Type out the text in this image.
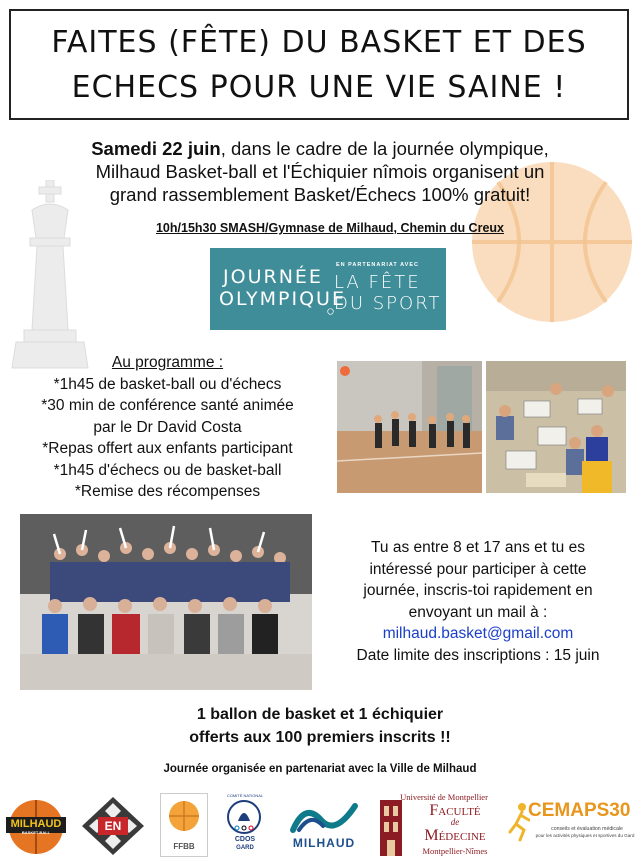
FAITES (FÊTE) DU BASKET ET DES
ECHECS POUR UNE VIE SAINE !
Samedi 22 juin, dans le cadre de la journée olympique,
Milhaud Basket-ball et l'Échiquier nîmois organisent un
grand rassemblement Basket/Échecs 100% gratuit!
10h/15h30 SMASH/Gymnase de Milhaud, Chemin du Creux
JOURNÉE
OLYMPIQUE
EN PARTENARIAT AVEC
LA FÊTE
DU SPORT
Au programme :
*1h45 de basket-ball ou d'échecs
*30 min de conférence santé animée
par le Dr David Costa
*Repas offert aux enfants participant
*1h45 d'échecs ou de basket-ball
*Remise des récompenses
Tu as entre 8 et 17 ans et tu es
intéressé pour participer à cette
journée, inscris-toi rapidement en
envoyant un mail à :
milhaud.basket@gmail.com
Date limite des inscriptions : 15 juin
1 ballon de basket et 1 échiquier
offerts aux 100 premiers inscrits !!
Journée organisée en partenariat avec la Ville de Milhaud
MILHAUD
BASKET-BALL	EN
FFBB
COMITÉ NATIONAL
CDOS
GARD	MILHAUD
Université de Montpellier
Faculté
de
Médecine
Montpellier-Nîmes
CEMAPS30
conseils et évaluation médicale
pour les activités physiques et sportives du Gard
